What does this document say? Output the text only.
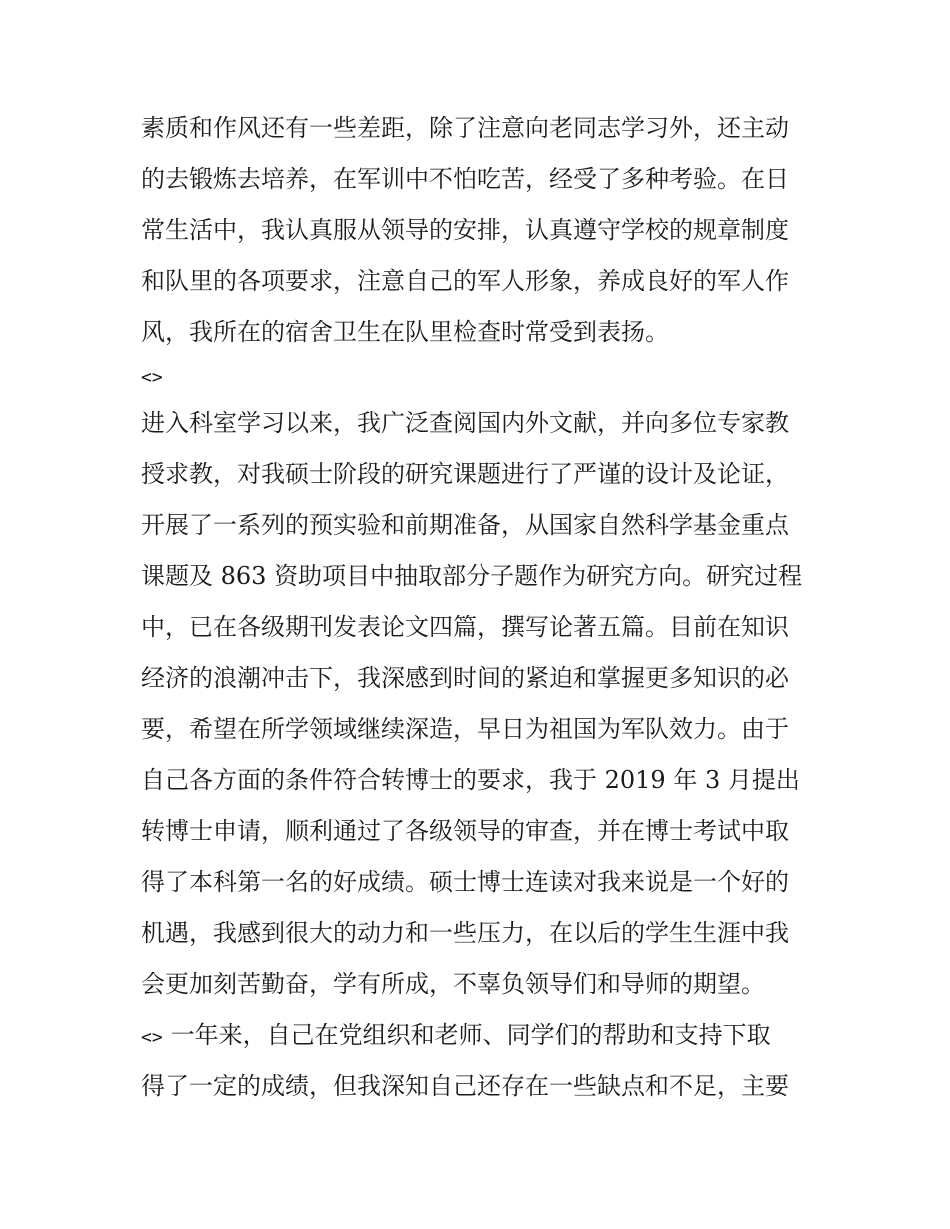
素质和作风还有一些差距，除了注意向老同志学习外，还主动
的去锻炼去培养，在军训中不怕吃苦，经受了多种考验。在日
常生活中，我认真服从领导的安排，认真遵守学校的规章制度
和队里的各项要求，注意自己的军人形象，养成良好的军人作
风，我所在的宿舍卫生在队里检查时常受到表扬。
<>
进入科室学习以来，我广泛查阅国内外文献，并向多位专家教
授求教，对我硕士阶段的研究课题进行了严谨的设计及论证，
开展了一系列的预实验和前期准备，从国家自然科学基金重点
课题及 863 资助项目中抽取部分子题作为研究方向。研究过程
中，已在各级期刊发表论文四篇，撰写论著五篇。目前在知识
经济的浪潮冲击下，我深感到时间的紧迫和掌握更多知识的必
要，希望在所学领域继续深造，早日为祖国为军队效力。由于
自己各方面的条件符合转博士的要求，我于 2019 年 3 月提出
转博士申请，顺利通过了各级领导的审查，并在博士考试中取
得了本科第一名的好成绩。硕士博士连读对我来说是一个好的
机遇，我感到很大的动力和一些压力，在以后的学生生涯中我
会更加刻苦勤奋，学有所成，不辜负领导们和导师的期望。
<> 一年来，自己在党组织和老师、同学们的帮助和支持下取
得了一定的成绩，但我深知自己还存在一些缺点和不足，主要
